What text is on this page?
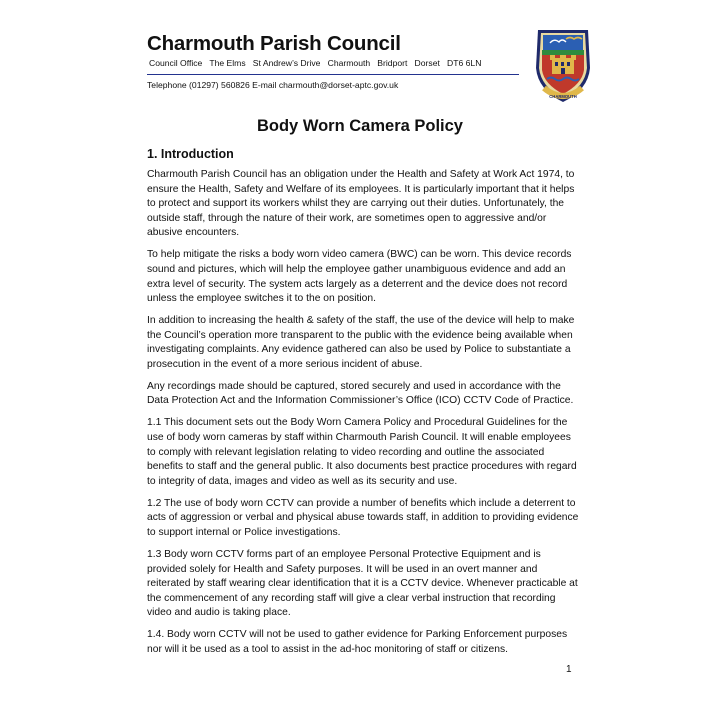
Charmouth Parish Council
Council Office   The Elms   St Andrew’s Drive   Charmouth   Bridport   Dorset   DT6 6LN
Telephone (01297) 560826 E-mail charmouth@dorset-aptc.gov.uk
CHARMOUTH
Body Worn Camera Policy
1. Introduction

Charmouth Parish Council has an obligation under the Health and Safety at Work Act 1974, to ensure the Health, Safety and Welfare of its employees. It is particularly important that it helps to protect and support its workers whilst they are carrying out their duties. Unfortunately, the outside staff, through the nature of their work, are sometimes open to aggressive and/or abusive encounters.

To help mitigate the risks a body worn video camera (BWC) can be worn. This device records sound and pictures, which will help the employee gather unambiguous evidence and add an extra level of security. The system acts largely as a deterrent and the device does not record unless the employee switches it to the on position.

In addition to increasing the health & safety of the staff, the use of the device will help to make the Council’s operation more transparent to the public with the evidence being available when investigating complaints. Any evidence gathered can also be used by Police to substantiate a prosecution in the event of a more serious incident of abuse.

Any recordings made should be captured, stored securely and used in accordance with the Data Protection Act and the Information Commissioner’s Office (ICO) CCTV Code of Practice.

1.1 This document sets out the Body Worn Camera Policy and Procedural Guidelines for the use of body worn cameras by staff within Charmouth Parish Council. It will enable employees to comply with relevant legislation relating to video recording and outline the associated benefits to staff and the general public. It also documents best practice procedures with regard to integrity of data, images and video as well as its security and use.

1.2 The use of body worn CCTV can provide a number of benefits which include a deterrent to acts of aggression or verbal and physical abuse towards staff, in addition to providing evidence to support internal or Police investigations.

1.3 Body worn CCTV forms part of an employee Personal Protective Equipment and is provided solely for Health and Safety purposes. It will be used in an overt manner and reiterated by staff wearing clear identification that it is a CCTV device. Whenever practicable at the commencement of any recording staff will give a clear verbal instruction that recording video and audio is taking place.

1.4. Body worn CCTV will not be used to gather evidence for Parking Enforcement purposes nor will it be used as a tool to assist in the ad-hoc monitoring of staff or citizens.

1
